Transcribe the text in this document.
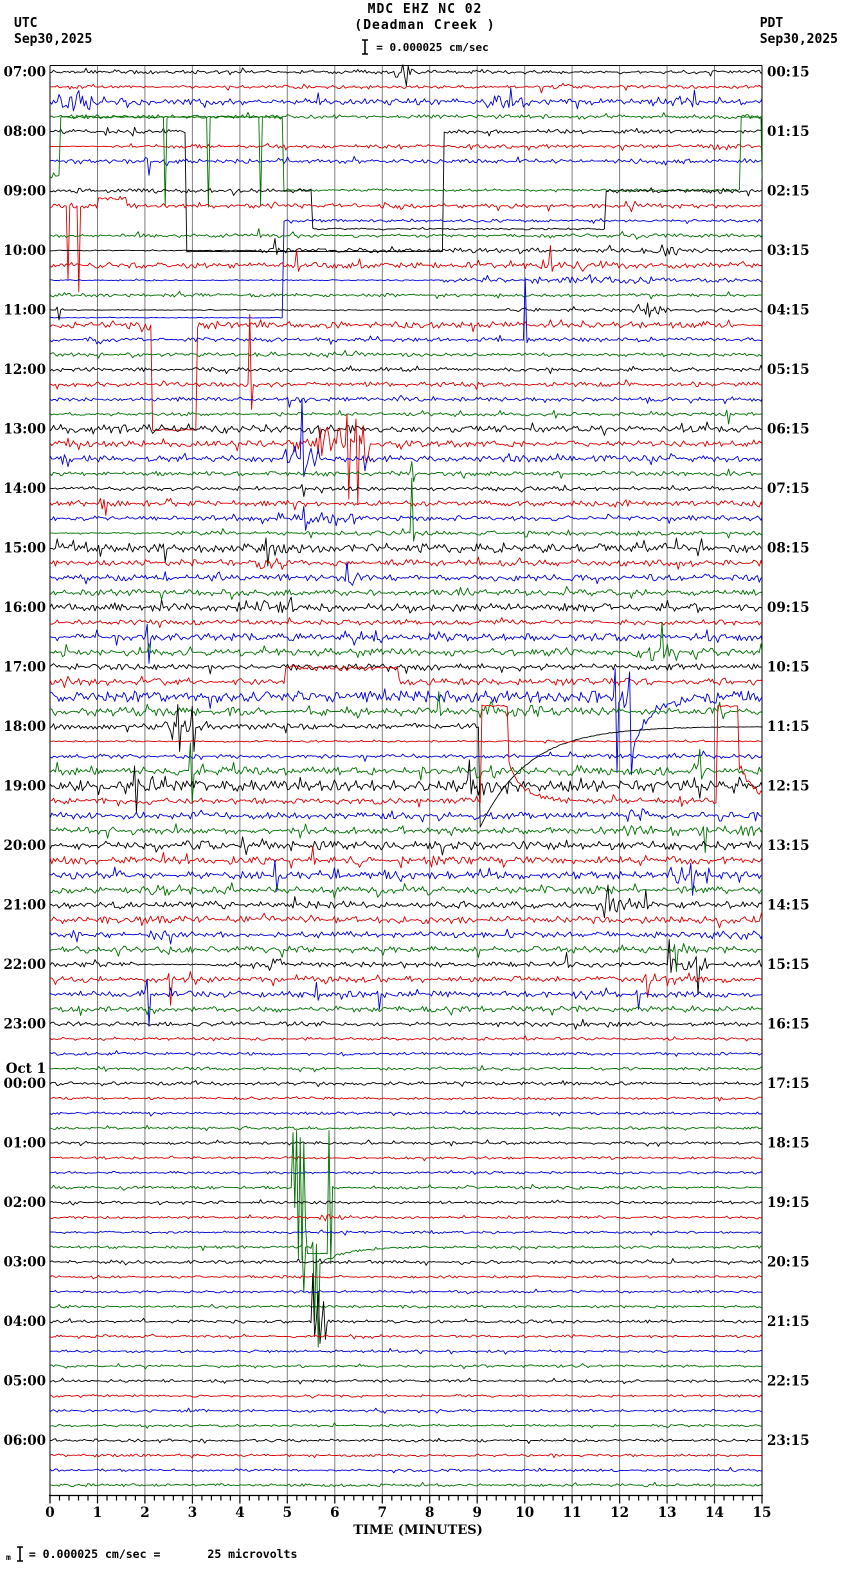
UTC
Sep30,2025
PDT
Sep30,2025
MDC EHZ NC 02
(Deadman Creek )
= 0.000025 cm/sec
0	1	2	3	4	5	6	7	8	9 10 11 12 13 14 15
TIME (MINUTES)
07:00
08:00
09:00
10:00
11:00
12:00
13:00
14:00
15:00
16:00
17:00
18:00
19:00
20:00
21:00
22:00
23:00
Oct 1
00:00
01:00
02:00
03:00
04:00
05:00
06:00
00:15
01:15
02:15
03:15
04:15
05:15
06:15
07:15
08:15
09:15
10:15
11:15
12:15
13:15
14:15
15:15
16:15
17:15
18:15
19:15
20:15
21:15
22:15
23:15
m = 0.000025 cm/sec =	25 microvolts
